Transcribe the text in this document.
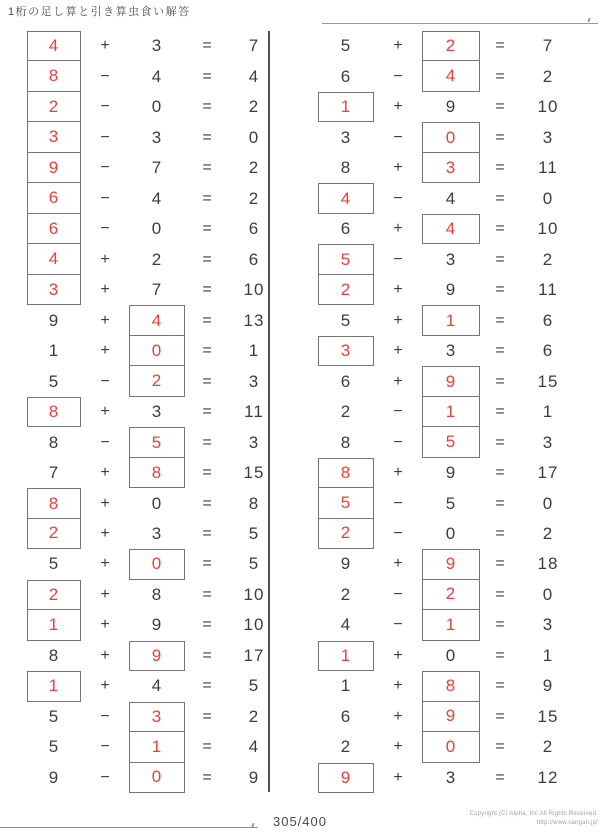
1桁の足し算と引き算虫食い解答
4	+ 3	= 7
8	− 4	= 4
2	− 0	= 2
3	− 3	= 0
9	− 7	= 2
6	− 4	= 2
6	− 0	= 6
4	+ 2	= 6
3	+ 7	= 10
9	+ 4	= 13
1	+ 0	= 1
5	− 2	= 3
8	+ 3	= 11
8	− 5	= 3
7	+ 8	= 15
8	+ 0	= 8
2	+ 3	= 5
5	+ 0	= 5
2	+ 8	= 10
1	+ 9	= 10
8	+ 9	= 17
1	+ 4	= 5
5	− 3	= 2
5	− 1	= 4
9	− 0	= 9
5	+	2 = 7
6	−	4 = 2
1	+	9 = 10
3	−	0 = 3
8	+	3 = 11
4	−	4 = 0
6	+	4 = 10
5	−	3 = 2
2	+	9 = 11
5	+	1 = 6
3	+	3 = 6
6	+	9 = 15
2	−	1 = 1
8	−	5 = 3
8	+	9 = 17
5	−	5 = 0
2	−	0 = 2
9	+	9 = 18
2	−	2 = 0
4	−	1 = 3
1	+	0 = 1
1	+	8 = 9
6	+	9 = 15
2	+	0 = 2
9	+	3 = 12
305/400	Copyright (C) Alpha, Inc All Rights Reserved.
http://www.sangan.jp/
